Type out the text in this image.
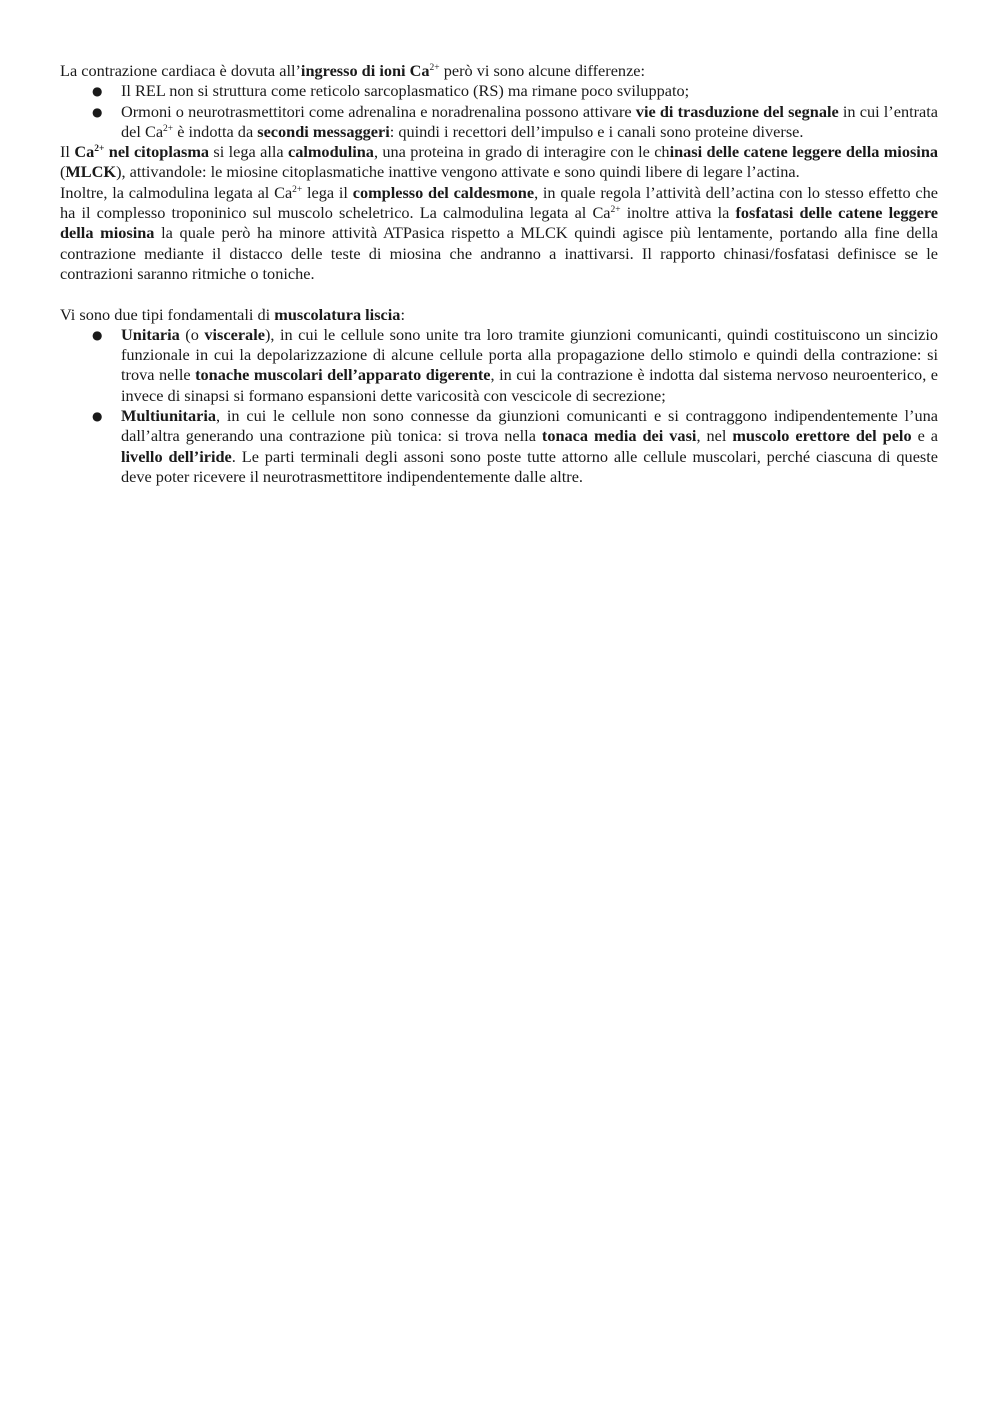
La contrazione cardiaca è dovuta all’ingresso di ioni $Ca^{2+}$ però vi sono alcune differenze:

● Il REL non si struttura come reticolo sarcoplasmatico (RS) ma rimane poco sviluppato;
● Ormoni o neurotrasmettitori come adrenalina e noradrenalina possono attivare vie di trasduzione del segnale in cui l’entrata del $Ca^{2+}$ è indotta da secondi messaggeri: quindi i recettori dell’impulso e i canali sono proteine diverse.

Il $Ca^{2+}$ nel citoplasma si lega alla calmodulina, una proteina in grado di interagire con le chinasi delle catene leggere della miosina (MLCK), attivandole: le miosine citoplasmatiche inattive vengono attivate e sono quindi libere di legare l’actina.

Inoltre, la calmodulina legata al $Ca^{2+}$ lega il complesso del caldesmone, in quale regola l’attività dell’actina con lo stesso effetto che ha il complesso troponinico sul muscolo scheletrico. La calmodulina legata al $Ca^{2+}$ inoltre attiva la fosfatasi delle catene leggere della miosina la quale però ha minore attività ATPasica rispetto a MLCK quindi agisce più lentamente, portando alla fine della contrazione mediante il distacco delle teste di miosina che andranno a inattivarsi. Il rapporto chinasi/fosfatasi definisce se le contrazioni saranno ritmiche o toniche.

Vi sono due tipi fondamentali di muscolatura liscia:

● Unitaria (o viscerale), in cui le cellule sono unite tra loro tramite giunzioni comunicanti, quindi costituiscono un sincizio funzionale in cui la depolarizzazione di alcune cellule porta alla propagazione dello stimolo e quindi della contrazione: si trova nelle tonache muscolari dell’apparato digerente, in cui la contrazione è indotta dal sistema nervoso neuroenterico, e invece di sinapsi si formano espansioni dette varicosità con vescicole di secrezione;
● Multiunitaria, in cui le cellule non sono connesse da giunzioni comunicanti e si contraggono indipendentemente l’una dall’altra generando una contrazione più tonica: si trova nella tonaca media dei vasi, nel muscolo erettore del pelo e a livello dell’iride. Le parti terminali degli assoni sono poste tutte attorno alle cellule muscolari, perché ciascuna di queste deve poter ricevere il neurotrasmettitore indipendentemente dalle altre.
